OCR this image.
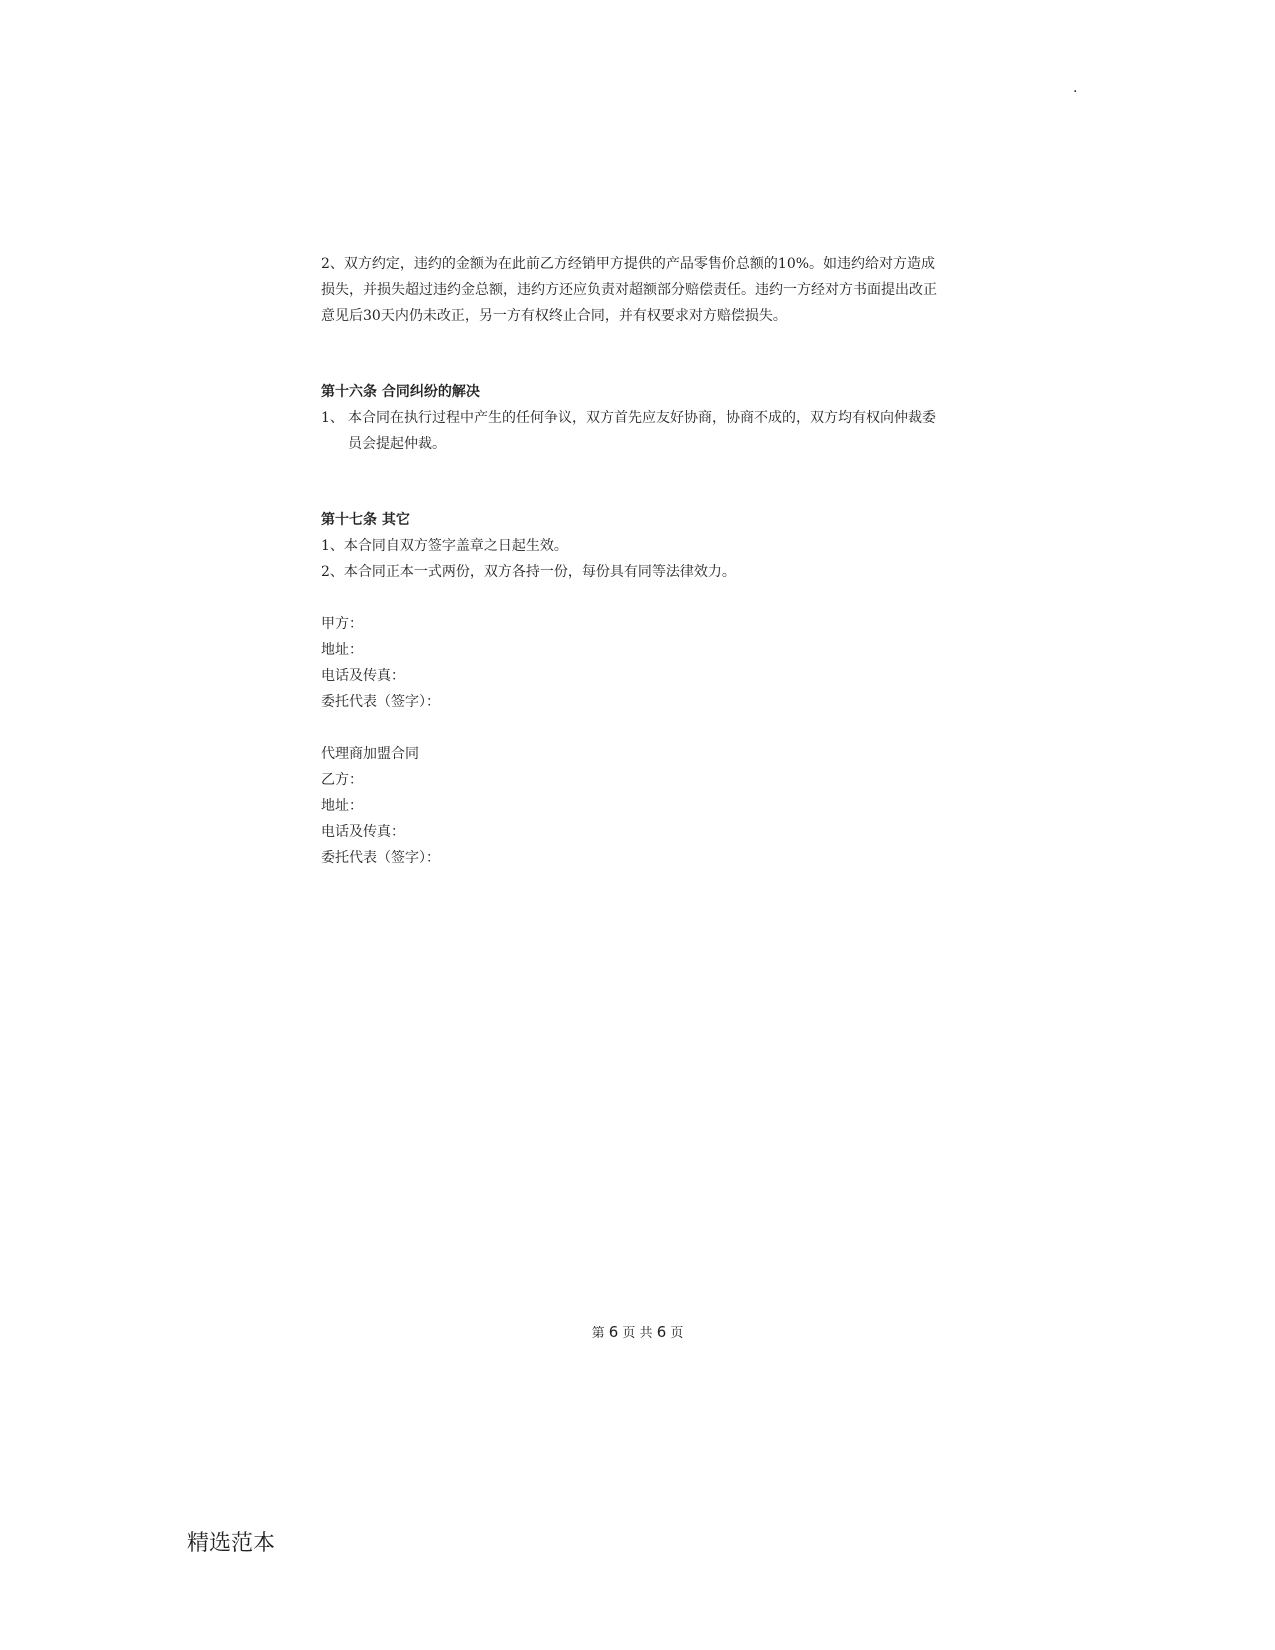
.

2、双方约定，违约的金额为在此前乙方经销甲方提供的产品零售价总额的10%。如违约给对方造成损失，并损失超过违约金总额，违约方还应负责对超额部分赔偿责任。违约一方经对方书面提出改正意见后30天内仍未改正，另一方有权终止合同，并有权要求对方赔偿损失。

第十六条 合同纠纷的解决

1、 本合同在执行过程中产生的任何争议，双方首先应友好协商，协商不成的，双方均有权向仲裁委员会提起仲裁。

第十七条 其它

1、本合同自双方签字盖章之日起生效。

2、本合同正本一式两份，双方各持一份，每份具有同等法律效力。

甲方：

地址：

电话及传真：

委托代表（签字）：

代理商加盟合同

乙方：

地址：

电话及传真：

委托代表（签字）：

第 6 页 共 6 页
精选范本
